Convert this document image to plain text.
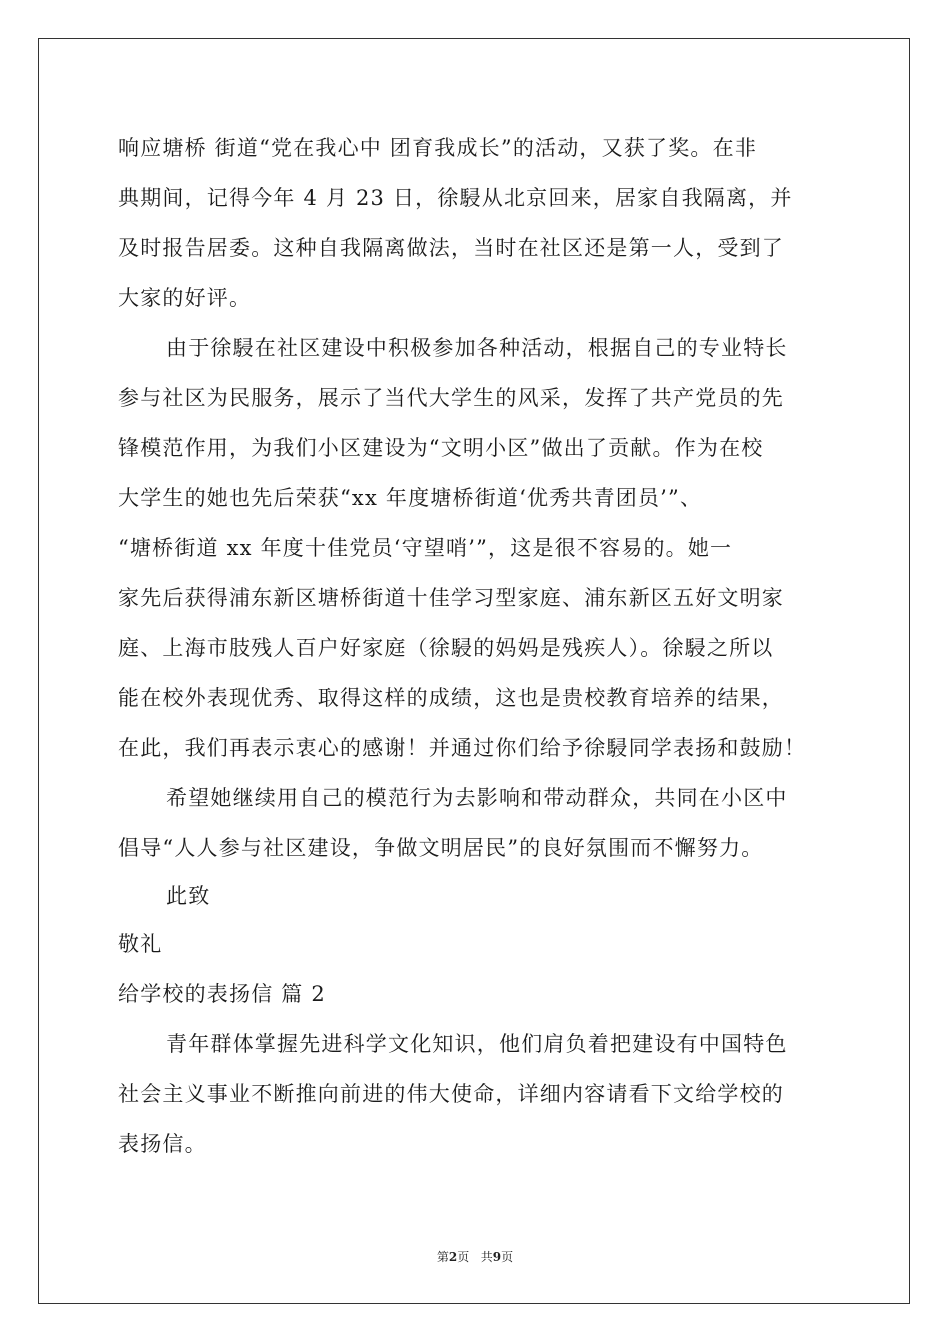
响应塘桥 街道“党在我心中 团育我成长”的活动，又获了奖。在非
典期间，记得今年 4 月 23 日，徐駸从北京回来，居家自我隔离，并
及时报告居委。这种自我隔离做法，当时在社区还是第一人，受到了
大家的好评。
由于徐駸在社区建设中积极参加各种活动，根据自己的专业特长
参与社区为民服务，展示了当代大学生的风采，发挥了共产党员的先
锋模范作用，为我们小区建设为“文明小区”做出了贡献。作为在校
大学生的她也先后荣获“xx 年度塘桥街道‘优秀共青团员’”、
“塘桥街道 xx 年度十佳党员‘守望哨’”，这是很不容易的。她一
家先后获得浦东新区塘桥街道十佳学习型家庭、浦东新区五好文明家
庭、上海市肢残人百户好家庭（徐駸的妈妈是残疾人）。徐駸之所以
能在校外表现优秀、取得这样的成绩，这也是贵校教育培养的结果，
在此，我们再表示衷心的感谢！并通过你们给予徐駸同学表扬和鼓励！
希望她继续用自己的模范行为去影响和带动群众，共同在小区中
倡导“人人参与社区建设，争做文明居民”的良好氛围而不懈努力。
此致
敬礼
给学校的表扬信 篇 2
青年群体掌握先进科学文化知识，他们肩负着把建设有中国特色
社会主义事业不断推向前进的伟大使命，详细内容请看下文给学校的
表扬信。
第2页   共9页
